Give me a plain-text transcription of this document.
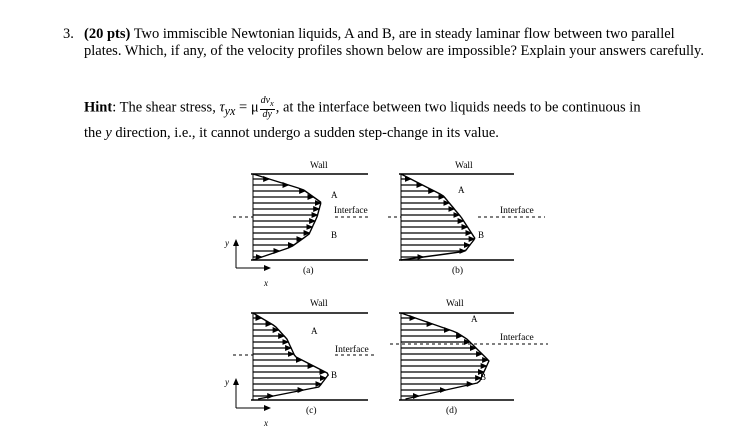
3. (20 pts) Two immiscible Newtonian liquids, A and B, are in steady laminar flow between two parallel plates. Which, if any, of the velocity profiles shown below are impossible? Explain your answers carefully.
Hint: The shear stress, $\tau_{yx} = \mu \frac{dv_x}{dy}$ , at the interface between two liquids needs to be continuous in
the y direction, i.e., it cannot undergo a sudden step-change in its value.
Wall
A
B
Interface
(a)
Wall
A
B
Interface
(b)
Wall
A
B
Interface
(c)
Wall
A
B
Interface
(d)
y
x
y
x
